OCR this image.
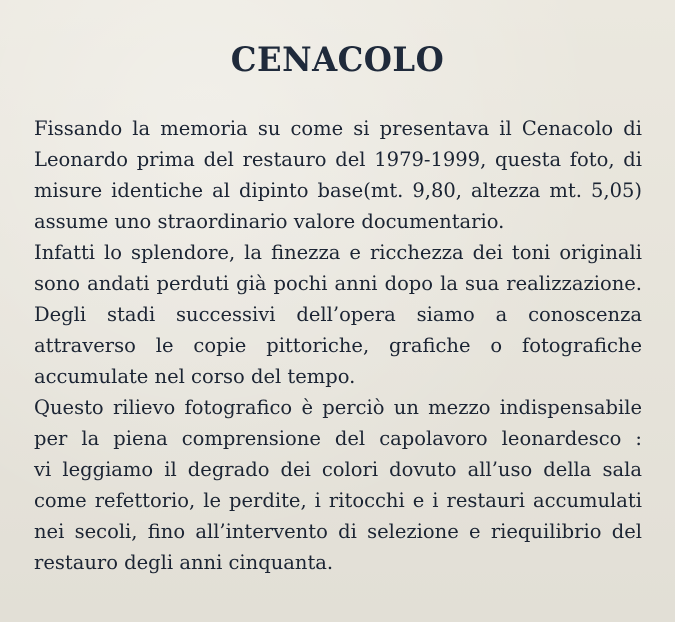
CENACOLO
Fissando la memoria su come si presentava il Cenacolo di
Leonardo prima del restauro del 1979-1999, questa foto, di
misure identiche al dipinto base(mt. 9,80, altezza mt. 5,05)
assume uno straordinario valore documentario.
Infatti lo splendore, la finezza e ricchezza dei toni originali
sono andati perduti già pochi anni dopo la sua realizzazione.
Degli stadi successivi dell’opera siamo a conoscenza
attraverso le copie pittoriche, grafiche o fotografiche
accumulate nel corso del tempo.
Questo rilievo fotografico è perciò un mezzo indispensabile
per la piena comprensione del capolavoro leonardesco :
vi leggiamo il degrado dei colori dovuto all’uso della sala
come refettorio, le perdite, i ritocchi e i restauri accumulati
nei secoli, fino all’intervento di selezione e riequilibrio del
restauro degli anni cinquanta.
